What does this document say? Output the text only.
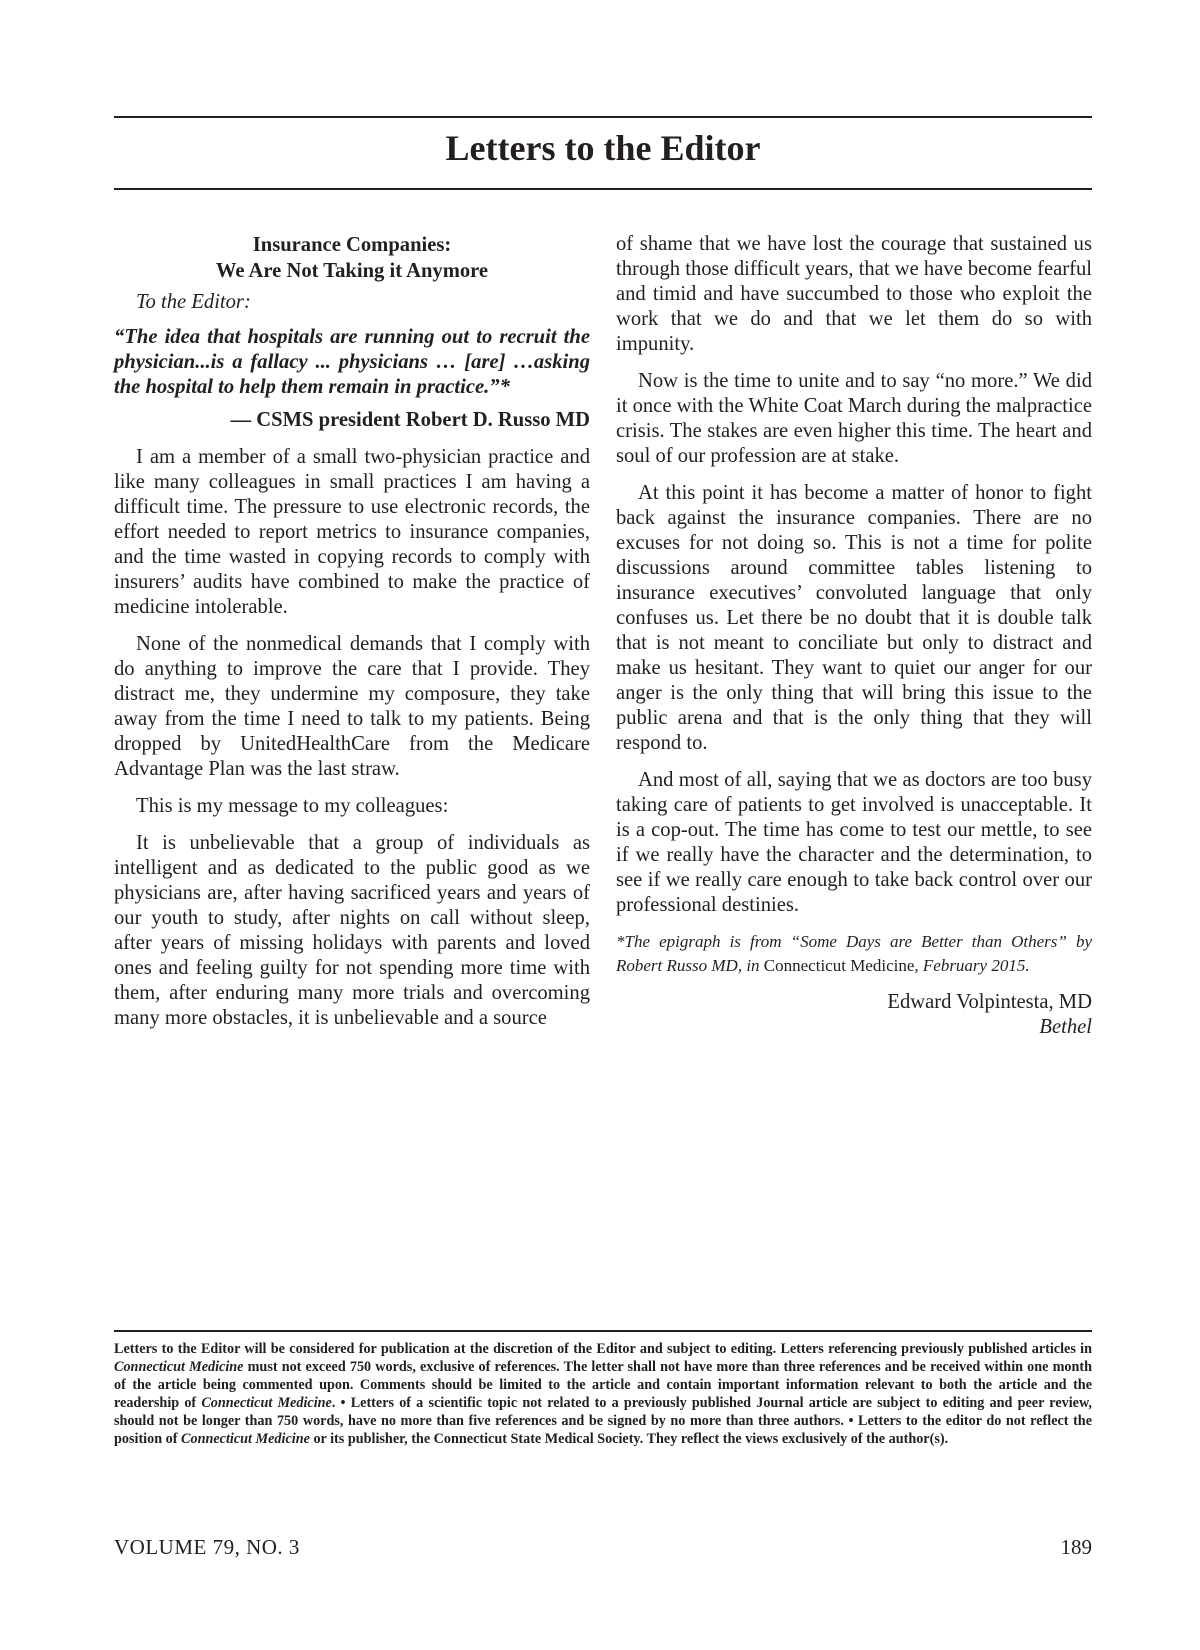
Letters to the Editor
Insurance Companies:
We Are Not Taking it Anymore

To the Editor:

“The idea that hospitals are running out to recruit the physician...is a fallacy ... physicians … [are] …asking the hospital to help them remain in practice.”*

— CSMS president Robert D. Russo MD

I am a member of a small two-physician practice and like many colleagues in small practices I am having a difficult time. The pressure to use electronic records, the effort needed to report metrics to insurance companies, and the time wasted in copying records to comply with insurers’ audits have combined to make the practice of medicine intolerable.

None of the nonmedical demands that I comply with do anything to improve the care that I provide. They distract me, they undermine my composure, they take away from the time I need to talk to my patients. Being dropped by UnitedHealthCare from the Medicare Advantage Plan was the last straw.

This is my message to my colleagues:

It is unbelievable that a group of individuals as intelligent and as dedicated to the public good as we physicians are, after having sacrificed years and years of our youth to study, after nights on call without sleep, after years of missing holidays with parents and loved ones and feeling guilty for not spending more time with them, after enduring many more trials and overcoming many more obstacles, it is unbelievable and a source

of shame that we have lost the courage that sustained us through those difficult years, that we have become fearful and timid and have succumbed to those who exploit the work that we do and that we let them do so with impunity.

Now is the time to unite and to say “no more.” We did it once with the White Coat March during the malpractice crisis. The stakes are even higher this time. The heart and soul of our profession are at stake.

At this point it has become a matter of honor to fight back against the insurance companies. There are no excuses for not doing so. This is not a time for polite discussions around committee tables listening to insurance executives’ convoluted language that only confuses us. Let there be no doubt that it is double talk that is not meant to conciliate but only to distract and make us hesitant. They want to quiet our anger for our anger is the only thing that will bring this issue to the public arena and that is the only thing that they will respond to.

And most of all, saying that we as doctors are too busy taking care of patients to get involved is unacceptable. It is a cop-out. The time has come to test our mettle, to see if we really have the character and the determination, to see if we really care enough to take back control over our professional destinies.

*The epigraph is from “Some Days are Better than Others” by Robert Russo MD, in Connecticut Medicine, February 2015.

Edward Volpintesta, MD

Bethel

Letters to the Editor will be considered for publication at the discretion of the Editor and subject to editing. Letters referencing previously published articles in Connecticut Medicine must not exceed 750 words, exclusive of references. The letter shall not have more than three references and be received within one month of the article being commented upon. Comments should be limited to the article and contain important information relevant to both the article and the readership of Connecticut Medicine. • Letters of a scientific topic not related to a previously published Journal article are subject to editing and peer review, should not be longer than 750 words, have no more than five references and be signed by no more than three authors. • Letters to the editor do not reflect the position of Connecticut Medicine or its publisher, the Connecticut State Medical Society. They reflect the views exclusively of the author(s).

VOLUME 79, NO. 3	189
